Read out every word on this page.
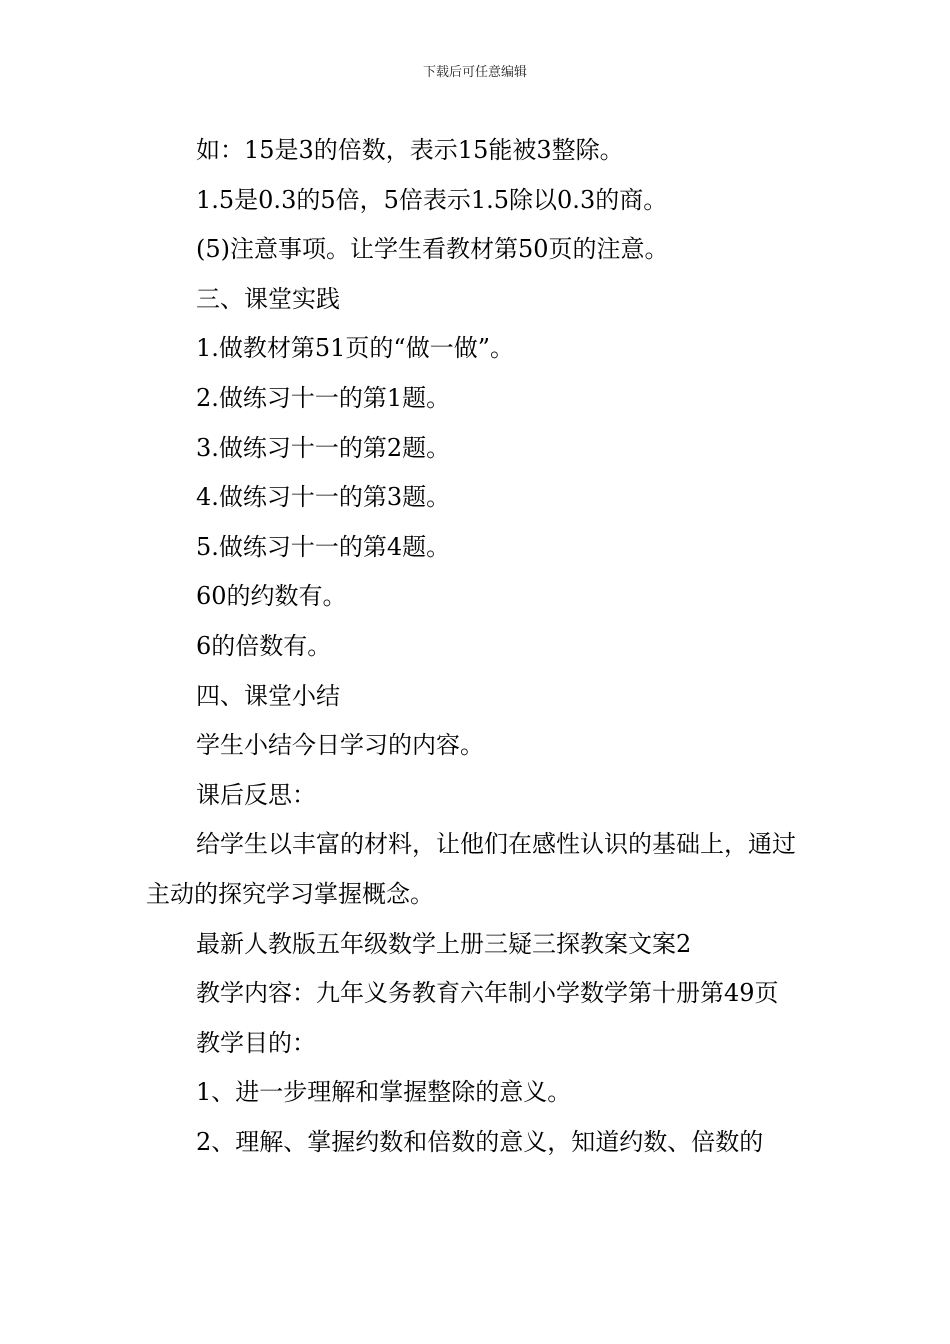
下载后可任意编辑

如：15是3的倍数，表示15能被3整除。

1.5是0.3的5倍，5倍表示1.5除以0.3的商。

(5)注意事项。让学生看教材第50页的注意。

三、课堂实践

1.做教材第51页的“做一做”。

2.做练习十一的第1题。

3.做练习十一的第2题。

4.做练习十一的第3题。

5.做练习十一的第4题。

60的约数有。

6的倍数有。

四、课堂小结

学生小结今日学习的内容。

课后反思：

给学生以丰富的材料，让他们在感性认识的基础上，通过主动的探究学习掌握概念。

最新人教版五年级数学上册三疑三探教案文案2

教学内容：九年义务教育六年制小学数学第十册第49页

教学目的：

1、进一步理解和掌握整除的意义。

2、理解、掌握约数和倍数的意义，知道约数、倍数的
